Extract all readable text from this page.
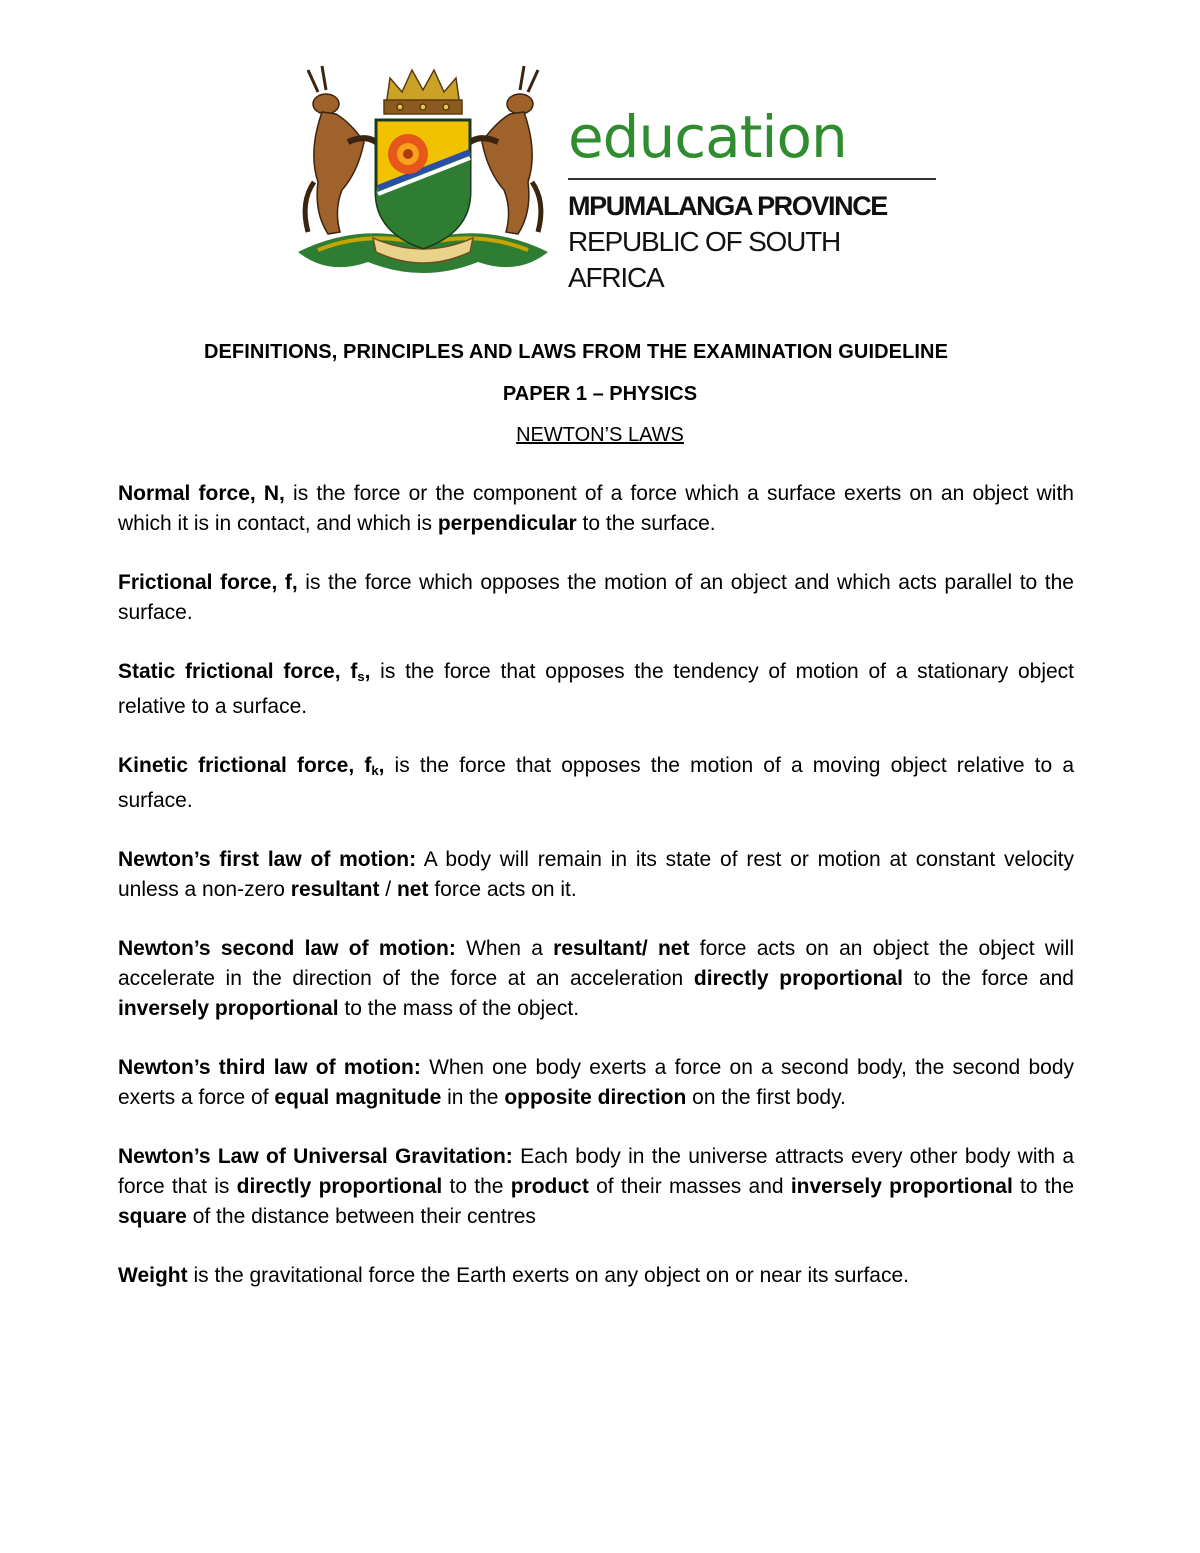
education
MPUMALANGA PROVINCE
REPUBLIC OF SOUTH AFRICA
DEFINITIONS, PRINCIPLES AND LAWS FROM THE EXAMINATION GUIDELINE
PAPER 1 – PHYSICS
NEWTON’S LAWS

Normal force, N, is the force or the component of a force which a surface exerts on an object with which it is in contact, and which is perpendicular to the surface.

Frictional force, f, is the force which opposes the motion of an object and which acts parallel to the surface.

Static frictional force, $f_s$, is the force that opposes the tendency of motion of a stationary object relative to a surface.

Kinetic frictional force, $f_k$, is the force that opposes the motion of a moving object relative to a surface.

Newton’s first law of motion: A body will remain in its state of rest or motion at constant velocity unless a non-zero resultant / net force acts on it.

Newton’s second law of motion: When a resultant/ net force acts on an object the object will accelerate in the direction of the force at an acceleration directly proportional to the force and inversely proportional to the mass of the object.

Newton’s third law of motion: When one body exerts a force on a second body, the second body exerts a force of equal magnitude in the opposite direction on the first body.

Newton’s Law of Universal Gravitation: Each body in the universe attracts every other body with a force that is directly proportional to the product of their masses and inversely proportional to the square of the distance between their centres

Weight is the gravitational force the Earth exerts on any object on or near its surface.
